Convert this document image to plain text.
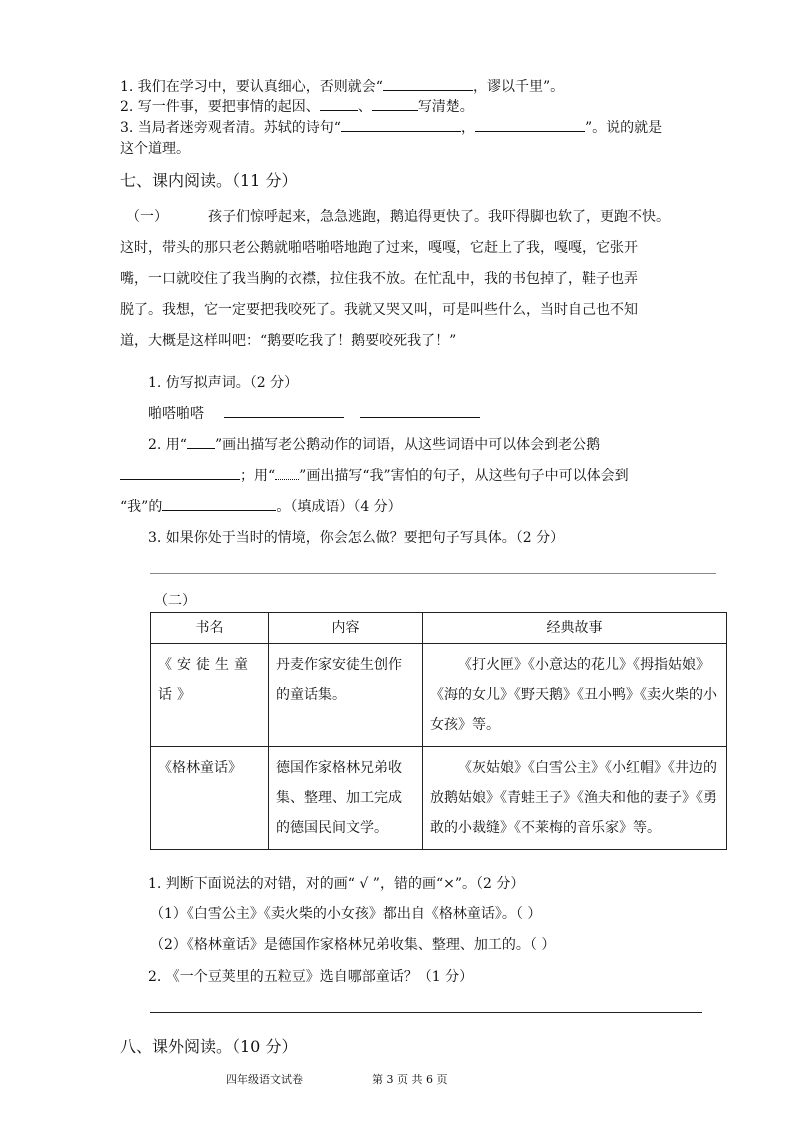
1. 我们在学习中，要认真细心，否则就会“	，谬以千里”。
2. 写一件事，要把事情的起因、	、	写清楚。
3. 当局者迷旁观者清。苏轼的诗句“	，	”。说的就是
这个道理。
七、课内阅读。（11 分）
（一）	孩子们惊呼起来，急急逃跑，鹅追得更快了。我吓得脚也软了，更跑不快。
这时，带头的那只老公鹅就啪嗒啪嗒地跑了过来，嘎嘎，它赶上了我，嘎嘎，它张开
嘴，一口就咬住了我当胸的衣襟，拉住我不放。在忙乱中，我的书包掉了，鞋子也弄
脱了。我想，它一定要把我咬死了。我就又哭又叫，可是叫些什么，当时自己也不知
道，大概是这样叫吧：“鹅要吃我了！鹅要咬死我了！”
1. 仿写拟声词。（2 分）
啪嗒啪嗒
2. 用“ ”画出描写老公鹅动作的词语，从这些词语中可以体会到老公鹅
；用“ ”画出描写“我”害怕的句子，从这些句子中可以体会到
“我”的	。（填成语）（4 分）
3. 如果你处于当时的情境，你会怎么做？要把句子写具体。（2 分）
（二）
书名	内容	经典故事
《安徒生童话》	丹麦作家安徒生创作的童话集。	《打火匣》《小意达的花儿》《拇指姑娘》《海的女儿》《野天鹅》《丑小鸭》《卖火柴的小女孩》等。
《格林童话》	德国作家格林兄弟收集、整理、加工完成的德国民间文学。	《灰姑娘》《白雪公主》《小红帽》《井边的放鹅姑娘》《青蛙王子》《渔夫和他的妻子》《勇敢的小裁缝》《不莱梅的音乐家》等。
1. 判断下面说法的对错，对的画“ √ ”，错的画“×”。（2 分）
（1）《白雪公主》《卖火柴的小女孩》都出自《格林童话》。（ ）
（2）《格林童话》是德国作家格林兄弟收集、整理、加工的。（ ）
2. 《一个豆荚里的五粒豆》选自哪部童话？（1 分）
八、课外阅读。（10 分）
四年级语文试卷	第 3 页 共 6 页
